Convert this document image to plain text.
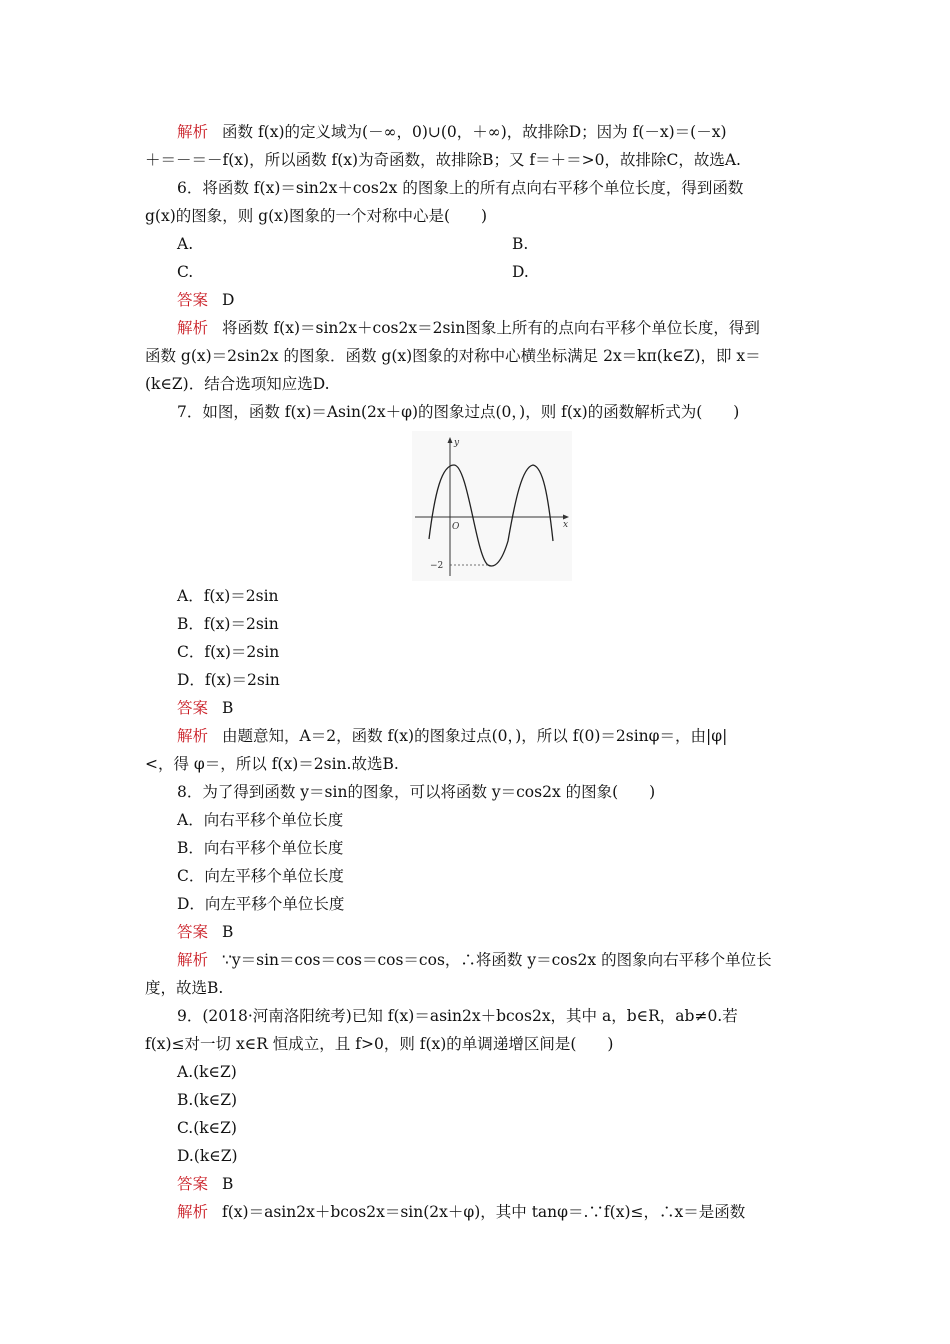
解析 函数 f(x)的定义域为(－∞，0)∪(0，＋∞)，故排除D；因为 f(－x)＝(－x)
＋＝－＝－f(x)，所以函数 f(x)为奇函数，故排除B；又 f＝＋＝>0，故排除C，故选A.
6．将函数 f(x)＝sin2x＋cos2x 的图象上的所有点向右平移个单位长度，得到函数
g(x)的图象，则 g(x)图象的一个对称中心是(　　)
A.	B.
C.	D.
答案 D
解析 将函数 f(x)＝sin2x＋cos2x＝2sin图象上所有的点向右平移个单位长度，得到
函数 g(x)＝2sin2x 的图象．函数 g(x)图象的对称中心横坐标满足 2x＝kπ(k∈Z)，即 x＝
(k∈Z)．结合选项知应选D.
7．如图，函数 f(x)＝Asin(2x＋φ)的图象过点(0，)，则 f(x)的函数解析式为(　　)
y
x
O
−2
A．f(x)＝2sin
B．f(x)＝2sin
C．f(x)＝2sin
D．f(x)＝2sin
答案 B
解析 由题意知，A＝2，函数 f(x)的图象过点(0，)，所以 f(0)＝2sinφ＝，由|φ|
<，得 φ＝，所以 f(x)＝2sin.故选B.
8．为了得到函数 y＝sin的图象，可以将函数 y＝cos2x 的图象(　　)
A．向右平移个单位长度
B．向右平移个单位长度
C．向左平移个单位长度
D．向左平移个单位长度
答案 B
解析 ∵y＝sin＝cos＝cos＝cos＝cos，∴将函数 y＝cos2x 的图象向右平移个单位长
度，故选B.
9．(2018·河南洛阳统考)已知 f(x)＝asin2x＋bcos2x，其中 a，b∈R，ab≠0.若
f(x)≤对一切 x∈R 恒成立，且 f>0，则 f(x)的单调递增区间是(　　)
A.(k∈Z)
B.(k∈Z)
C.(k∈Z)
D.(k∈Z)
答案 B
解析 f(x)＝asin2x＋bcos2x＝sin(2x＋φ)，其中 tanφ＝.∵f(x)≤，∴x＝是函数
